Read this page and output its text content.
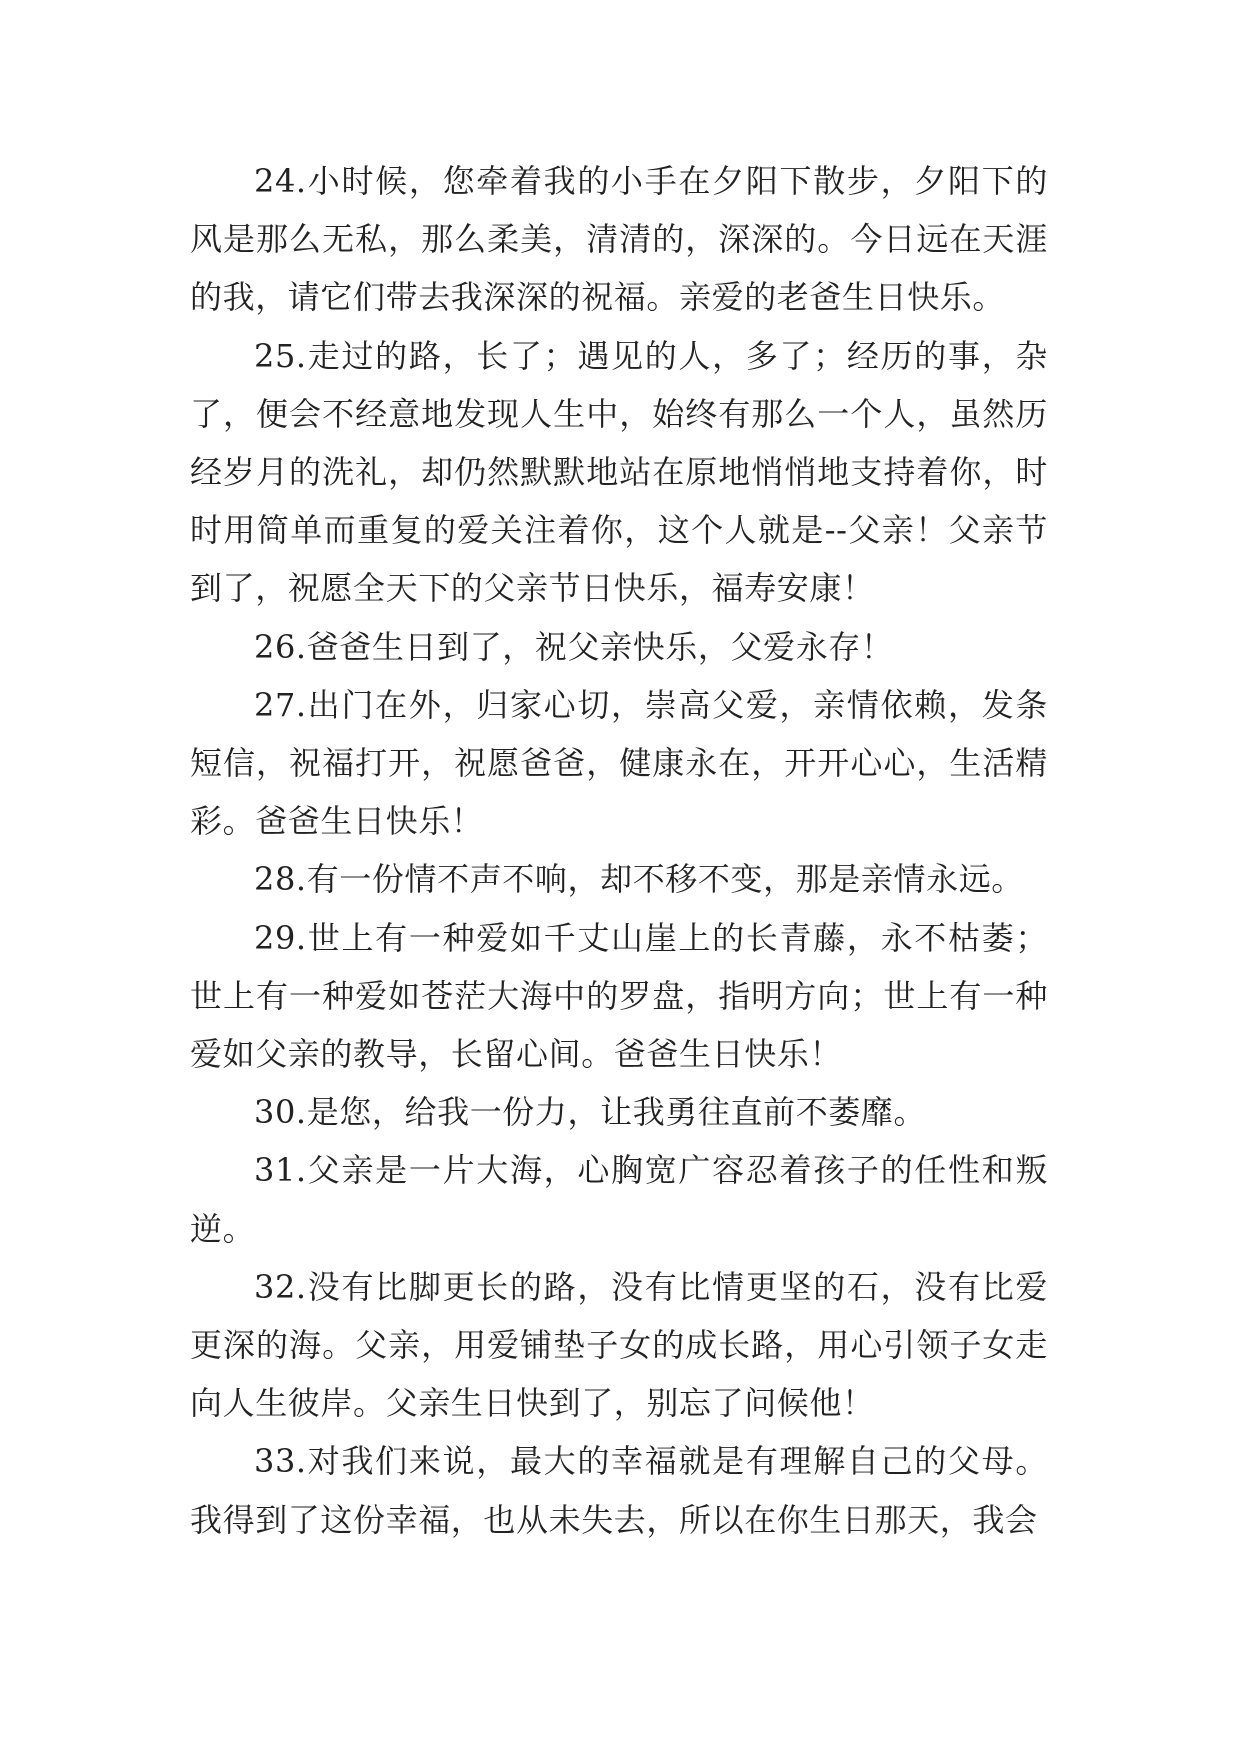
24.小时候，您牵着我的小手在夕阳下散步，夕阳下的风是那么无私，那么柔美，清清的，深深的。今日远在天涯的我，请它们带去我深深的祝福。亲爱的老爸生日快乐。

25.走过的路，长了；遇见的人，多了；经历的事，杂了，便会不经意地发现人生中，始终有那么一个人，虽然历经岁月的洗礼，却仍然默默地站在原地悄悄地支持着你，时时用简单而重复的爱关注着你，这个人就是--父亲！父亲节到了，祝愿全天下的父亲节日快乐，福寿安康！

26.爸爸生日到了，祝父亲快乐，父爱永存！

27.出门在外，归家心切，崇高父爱，亲情依赖，发条短信，祝福打开，祝愿爸爸，健康永在，开开心心，生活精彩。爸爸生日快乐！

28.有一份情不声不响，却不移不变，那是亲情永远。

29.世上有一种爱如千丈山崖上的长青藤，永不枯萎；世上有一种爱如苍茫大海中的罗盘，指明方向；世上有一种爱如父亲的教导，长留心间。爸爸生日快乐！

30.是您，给我一份力，让我勇往直前不萎靡。

31.父亲是一片大海，心胸宽广容忍着孩子的任性和叛逆。

32.没有比脚更长的路，没有比情更坚的石，没有比爱更深的海。父亲，用爱铺垫子女的成长路，用心引领子女走向人生彼岸。父亲生日快到了，别忘了问候他！

33.对我们来说，最大的幸福就是有理解自己的父母。我得到了这份幸福，也从未失去，所以在你生日那天，我会
